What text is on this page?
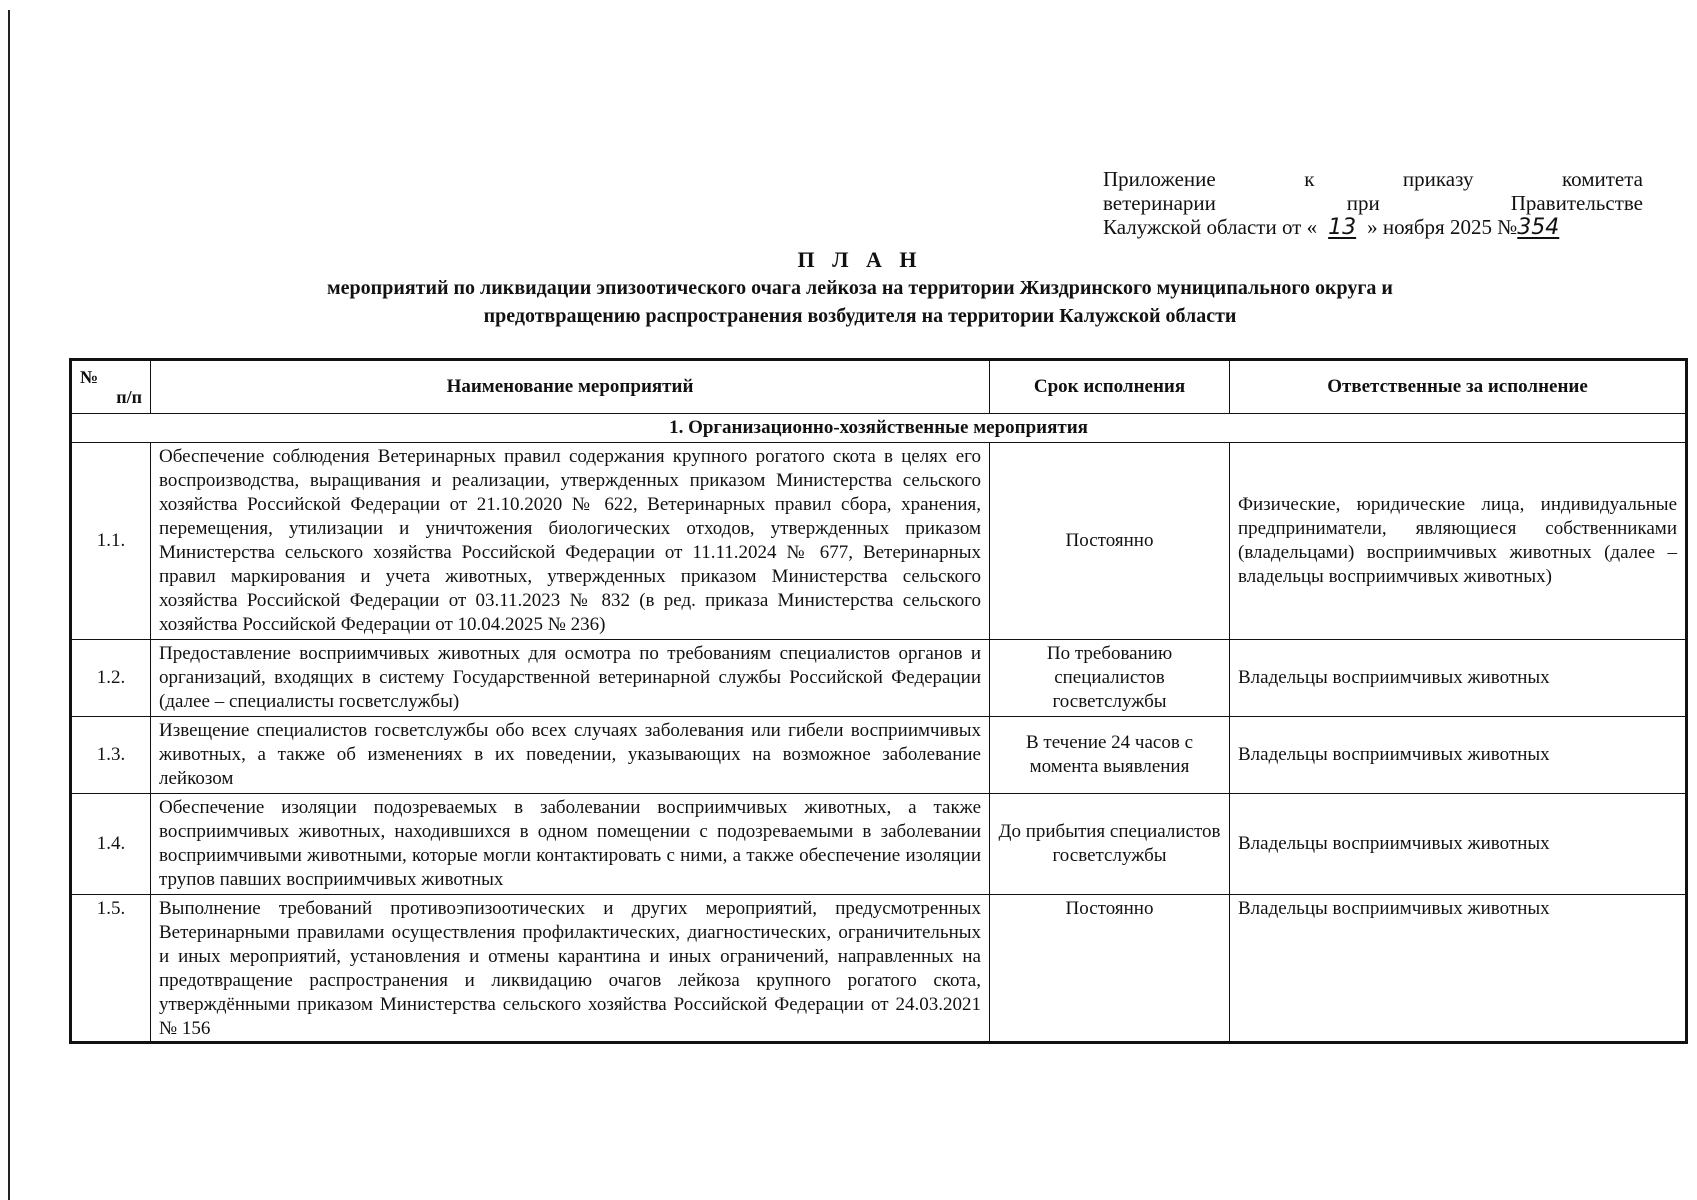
Приложение	к	приказу	комитета
ветеринарии	при	Правительстве
Калужской области от « 13 » ноября 2025 №354
П Л А Н
мероприятий по ликвидации эпизоотического очага лейкоза на территории Жиздринского муниципального округа и
предотвращению распространения возбудителя на территории Калужской области
№
п/п	Наименование мероприятий	Срок исполнения	Ответственные за исполнение
1. Организационно-хозяйственные мероприятия			
1.1.	Обеспечение соблюдения Ветеринарных правил содержания крупного рогатого скота в целях его воспроизводства, выращивания и реализации, утвержденных приказом Министерства сельского хозяйства Российской Федерации от 21.10.2020 № 622, Ветеринарных правил сбора, хранения, перемещения, утилизации и уничтожения биологических отходов, утвержденных приказом Министерства сельского хозяйства Российской Федерации от 11.11.2024 № 677, Ветеринарных правил маркирования и учета животных, утвержденных приказом Министерства сельского хозяйства Российской Федерации от 03.11.2023 № 832 (в ред. приказа Министерства сельского хозяйства Российской Федерации от 10.04.2025 № 236)	Постоянно	Физические, юридические лица, индивидуальные предприниматели, являющиеся собственниками (владельцами) восприимчивых животных (далее – владельцы восприимчивых животных)
1.2.	Предоставление восприимчивых животных для осмотра по требованиям специалистов органов и организаций, входящих в систему Государственной ветеринарной службы Российской Федерации (далее – специалисты госветслужбы)	По требованию специалистов госветслужбы	Владельцы восприимчивых животных
1.3.	Извещение специалистов госветслужбы обо всех случаях заболевания или гибели восприимчивых животных, а также об изменениях в их поведении, указывающих на возможное заболевание лейкозом	В течение 24 часов с момента выявления	Владельцы восприимчивых животных
1.4.	Обеспечение изоляции подозреваемых в заболевании восприимчивых животных, а также восприимчивых животных, находившихся в одном помещении с подозреваемыми в заболевании восприимчивыми животными, которые могли контактировать с ними, а также обеспечение изоляции трупов павших восприимчивых животных	До прибытия специалистов госветслужбы	Владельцы восприимчивых животных
1.5.	Выполнение требований противоэпизоотических и других мероприятий, предусмотренных Ветеринарными правилами осуществления профилактических, диагностических, ограничительных и иных мероприятий, установления и отмены карантина и иных ограничений, направленных на предотвращение распространения и ликвидацию очагов лейкоза крупного рогатого скота, утверждёнными приказом Министерства сельского хозяйства Российской Федерации от 24.03.2021 № 156	Постоянно	Владельцы восприимчивых животных
